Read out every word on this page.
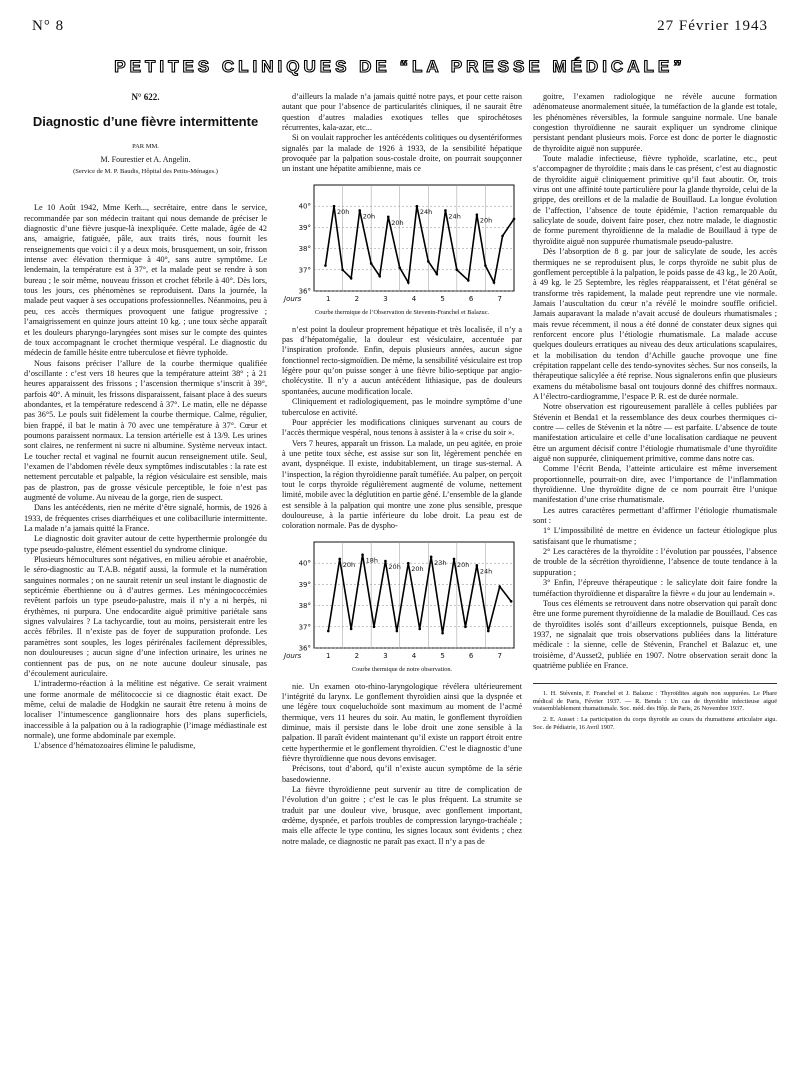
N° 8	27 Février 1943
PETITES CLINIQUES DE “LA PRESSE MÉDICALE”
N° 622.
Diagnostic d’une fièvre intermittente
PAR MM.
M. Fourestier et A. Angelin.
(Service de M. P. Baudis, Hôpital des Petits-Ménages.)

Le 10 Août 1942, Mme Kerh..., secrétaire, entre dans le service, recommandée par son médecin traitant qui nous demande de préciser le diagnostic d’une fièvre jusque-là inexpliquée. Cette malade, âgée de 42 ans, amaigrie, fatiguée, pâle, aux traits tirés, nous fournit les renseignements que voici : il y a deux mois, brusquement, un soir, frisson intense avec élévation thermique à 40°, sans autre symptôme. Le lendemain, la température est à 37°, et la malade peut se rendre à son bureau ; le soir même, nouveau frisson et crochet fébrile à 40°. Dès lors, tous les jours, ces phénomènes se reproduisent. Dans la journée, la malade peut vaquer à ses occupations professionnelles. Néanmoins, peu à peu, ces accès thermiques provoquent une fatigue progressive ; l’amaigrissement en quinze jours atteint 10 kg. ; une toux sèche apparaît et les douleurs pharyngo-laryngées sont mises sur le compte des quintes de toux accompagnant le crochet thermique vespéral. Le diagnostic du médecin de famille hésite entre tuberculose et fièvre typhoïde.

Nous faisons préciser l’allure de la courbe thermique qualifiée d’oscillante : c’est vers 18 heures que la température atteint 38° ; à 21 heures apparaissent des frissons ; l’ascension thermique s’inscrit à 39°, parfois 40°. A minuit, les frissons disparaissent, faisant place à des sueurs abondantes, et la température redescend à 37°. Le matin, elle ne dépasse pas 36°5. Le pouls suit fidèlement la courbe thermique. Calme, régulier, bien frappé, il bat le matin à 70 avec une température à 37°. Cœur et poumons paraissent normaux. La tension artérielle est à 13/9. Les urines sont claires, ne renferment ni sucre ni albumine. Système nerveux intact. Le toucher rectal et vaginal ne fournit aucun renseignement utile. Seul, l’examen de l’abdomen révèle deux symptômes indiscutables : la rate est nettement percutable et palpable, la région vésiculaire est sensible, mais pas de plastron, pas de grosse vésicule perceptible, le foie n’est pas augmenté de volume. Au niveau de la gorge, rien de suspect.

Dans les antécédents, rien ne mérite d’être signalé, hormis, de 1926 à 1933, de fréquentes crises diarrhéiques et une colibacillurie intermittente. La malade n’a jamais quitté la France.

Le diagnostic doit graviter autour de cette hyperthermie prolongée du type pseudo-palustre, élément essentiel du syndrome clinique.

Plusieurs hémocultures sont négatives, en milieu aérobie et anaérobie, le séro-diagnostic au T.A.B. négatif aussi, la formule et la numération sanguines normales ; on ne saurait retenir un seul instant le diagnostic de septicémie éberthienne ou à d’autres germes. Les méningococcémies revêtent parfois un type pseudo-palustre, mais il n’y a ni herpès, ni érythèmes, ni purpura. Une endocardite aiguë primitive pariétale sans signes valvulaires ? La tachycardie, tout au moins, persisterait entre les accès fébriles. Il n’existe pas de foyer de suppuration profonde. Les paramètres sont souples, les loges périrénales facilement dépressibles, non douloureuses ; aucun signe d’une infection urinaire, les urines ne contiennent pas de pus, on ne note aucune douleur sinusale, pas d’écoulement auriculaire.

L’intradermo-réaction à la mélitine est négative. Ce serait vraiment une forme anormale de mélitococcie si ce diagnostic était exact. De même, celui de maladie de Hodgkin ne saurait être retenu à moins de localiser l’intumescence ganglionnaire hors des plans superficiels, inaccessible à la palpation ou à la radiographie (l’image médiastinale est normale), une forme abdominale par exemple.

L’absence d’hématozoaires élimine le paludisme,

d’ailleurs la malade n’a jamais quitté notre pays, et pour cette raison autant que pour l’absence de particularités cliniques, il ne saurait être question d’autres maladies exotiques telles que spirochétoses récurrentes, kala-azar, etc...

Si on voulait rapprocher les antécédents colitiques ou dysentériformes signalés par la malade de 1926 à 1933, de la sensibilité hépatique provoquée par la palpation sous-costale droite, on pourrait soupçonner un instant une hépatite amibienne, mais ce

36°
37°
38°
39°
40°
1	2	3	4	5	6	7
Jours
20h
20h
20h
24h
24h
20h
Courbe thermique de l’Observation de Stevenin-Franchel et Balazuc.

n’est point la douleur proprement hépatique et très localisée, il n’y a pas d’hépatomégalie, la douleur est vésiculaire, accentuée par l’inspiration profonde. Enfin, depuis plusieurs années, aucun signe fonctionnel recto-sigmoïdien. De même, la sensibilité vésiculaire est trop légère pour qu’on puisse songer à une fièvre bilio-septique par angio-cholécystite. Il n’y a aucun antécédent lithiasique, pas de douleurs spontanées, aucune modification locale.

Cliniquement et radiologiquement, pas le moindre symptôme d’une tuberculose en activité.

Pour apprécier les modifications cliniques survenant au cours de l’accès thermique vespéral, nous tenons à assister à la « crise du soir ».

Vers 7 heures, apparaît un frisson. La malade, un peu agitée, en proie à une petite toux sèche, est assise sur son lit, légèrement penchée en avant, dyspnéique. Il existe, indubitablement, un tirage sus-sternal. A l’inspection, la région thyroïdienne paraît tuméfiée. Au palper, on perçoit tout le corps thyroïde régulièrement augmenté de volume, nettement limité, mobile avec la déglutition en partie gêné. L’ensemble de la glande est sensible à la palpation qui montre une zone plus sensible, presque douloureuse, à la partie inférieure du lobe droit. La peau est de coloration normale. Pas de dyspho-

36°
37°
38°
39°
40°
1	2	3	4	5	6	7
Jours
20h
18h
20h 20h
23h 20h
24h
Courbe thermique de notre observation.

nie. Un examen oto-rhino-laryngologique révélera ultérieurement l’intégrité du larynx. Le gonflement thyroïdien ainsi que la dyspnée et une légère toux coqueluchoïde sont maximum au moment de l’acmé thermique, vers 11 heures du soir. Au matin, le gonflement thyroïdien diminue, mais il persiste dans le lobe droit une zone sensible à la palpation. Il paraît évident maintenant qu’il existe un rapport étroit entre cette hyperthermie et le gonflement thyroïdien. C’est le diagnostic d’une fièvre thyroïdienne que nous devons envisager.

Précisons, tout d’abord, qu’il n’existe aucun symptôme de la série basedowienne.

La fièvre thyroïdienne peut survenir au titre de complication de l’évolution d’un goitre ; c’est le cas le plus fréquent. La strumite se traduit par une douleur vive, brusque, avec gonflement important, œdème, dyspnée, et parfois troubles de compression laryngo-trachéale ; mais elle affecte le type continu, les signes locaux sont évidents ; chez notre malade, ce diagnostic ne paraît pas exact. Il n’y a pas de

goitre, l’examen radiologique ne révèle aucune formation adénomateuse anormalement située, la tuméfaction de la glande est totale, les phénomènes réversibles, la formule sanguine normale. Une banale congestion thyroïdienne ne saurait expliquer un syndrome clinique persistant pendant plusieurs mois. Force est donc de porter le diagnostic de thyroïdite aiguë non suppurée.

Toute maladie infectieuse, fièvre typhoïde, scarlatine, etc., peut s’accompagner de thyroïdite ; mais dans le cas présent, c’est au diagnostic de thyroïdite aiguë cliniquement primitive qu’il faut aboutir. Or, trois virus ont une affinité toute particulière pour la glande thyroïde, celui de la grippe, des oreillons et de la maladie de Bouillaud. La longue évolution de l’affection, l’absence de toute épidémie, l’action remarquable du salicylate de soude, doivent faire poser, chez notre malade, le diagnostic de forme purement thyroïdienne de la maladie de Bouillaud à type de thyroïdite aiguë non suppurée rhumatismale pseudo-palustre.

Dès l’absorption de 8 g. par jour de salicylate de soude, les accès thermiques ne se reproduisent plus, le corps thyroïde ne subit plus de gonflement perceptible à la palpation, le poids passe de 43 kg., le 20 Août, à 49 kg. le 25 Septembre, les règles réapparaissent, et l’état général se transforme très rapidement, la malade peut reprendre une vie normale. Jamais l’auscultation du cœur n’a révélé le moindre souffle orificiel. Jamais auparavant la malade n’avait accusé de douleurs rhumatismales ; mais revue récemment, il nous a été donné de constater deux signes qui renforcent encore plus l’étiologie rhumatismale. La malade accuse quelques douleurs erratiques au niveau des deux articulations scapulaires, et la mobilisation du tendon d’Achille gauche provoque une fine crépitation rappelant celle des tendo-synovites sèches. Sur nos conseils, la thérapeutique salicylée a été reprise. Nous signalerons enfin que plusieurs examens du métabolisme basal ont toujours donné des chiffres normaux. A l’électro-cardiogramme, l’espace P. R. est de durée normale.

Notre observation est rigoureusement parallèle à celles publiées par Stévenin et Benda1 et la ressemblance des deux courbes thermiques ci-contre — celles de Stévenin et la nôtre — est parfaite. L’absence de toute manifestation articulaire et celle d’une localisation cardiaque ne peuvent être un argument décisif contre l’étiologie rhumatismale d’une thyroïdite aiguë non suppurée, cliniquement primitive, comme dans notre cas.

Comme l’écrit Benda, l’atteinte articulaire est même inversement proportionnelle, pourrait-on dire, avec l’importance de l’inflammation thyroïdienne. Une thyroïdite digne de ce nom pourrait être l’unique manifestation d’une crise rhumatismale.

Les autres caractères permettant d’affirmer l’étiologie rhumatismale sont :

1° L’impossibilité de mettre en évidence un facteur étiologique plus satisfaisant que le rhumatisme ;

2° Les caractères de la thyroïdite : l’évolution par poussées, l’absence de trouble de la sécrétion thyroïdienne, l’absence de toute tendance à la suppuration ;

3° Enfin, l’épreuve thérapeutique : le salicylate doit faire fondre la tuméfaction thyroïdienne et disparaître la fièvre « du jour au lendemain ».

Tous ces éléments se retrouvent dans notre observation qui paraît donc être une forme purement thyroïdienne de la maladie de Bouillaud. Ces cas de thyroïdites isolés sont d’ailleurs exceptionnels, puisque Benda, en 1937, ne signalait que trois observations publiées dans la littérature médicale : la sienne, celle de Stévenin, Franchel et Balazuc et, une troisième, d’Ausset2, publiée en 1907. Notre observation serait donc la quatrième publiée en France.

1. H. Stévenin, F. Franchel et J. Balazuc : Thyroïdites aiguës non suppurées. Le Phare médical de Paris, Février 1937. — R. Benda : Un cas de thyroïdite infectieuse aiguë vraisemblablement rhumatismale. Soc. méd. des Hôp. de Paris, 26 Novembre 1937.

2. E. Ausset : La participation du corps thyroïde au cours du rhumatisme articulaire aigu. Soc. de Pédiatrie, 16 Avril 1907.
